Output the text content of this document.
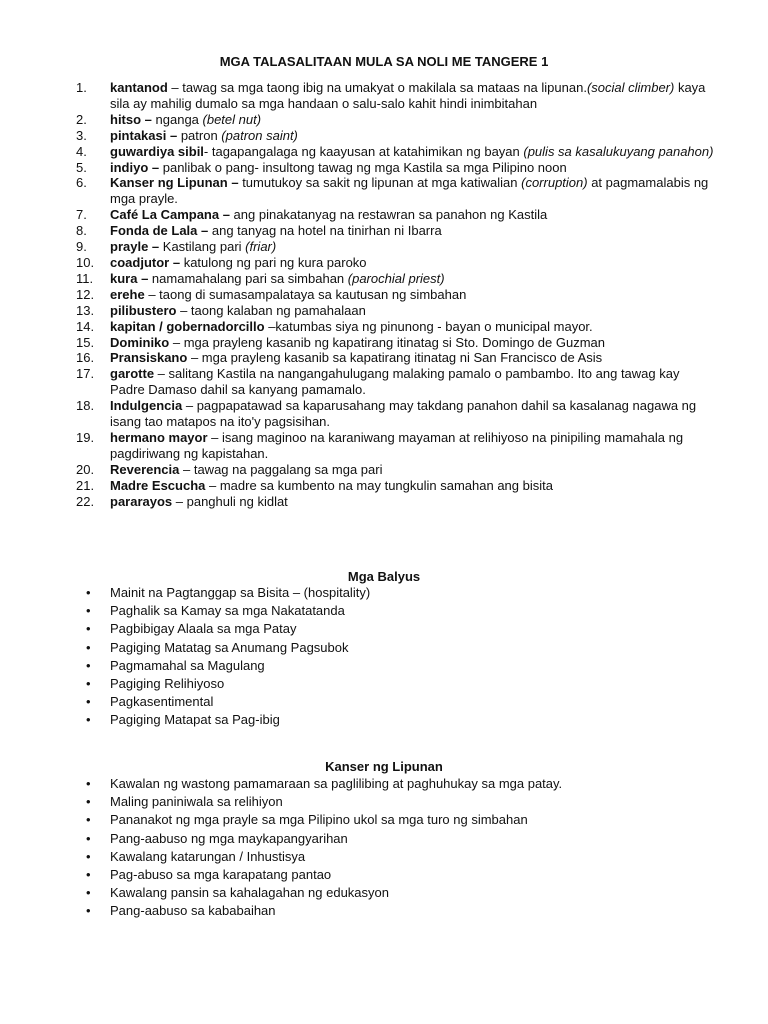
MGA TALASALITAAN MULA SA NOLI ME TANGERE 1
1.	kantanod – tawag sa mga taong ibig na umakyat o makilala sa mataas na lipunan.(social climber) kaya sila ay mahilig dumalo sa mga handaan o salu-salo kahit hindi inimbitahan
2.	hitso – nganga (betel nut)
3.	pintakasi – patron (patron saint)
4.	guwardiya sibil- tagapangalaga ng kaayusan at katahimikan ng bayan (pulis sa kasalukuyang panahon)
5.	indiyo – panlibak o pang- insultong tawag ng mga Kastila sa mga Pilipino noon
6.	Kanser ng Lipunan – tumutukoy sa sakit ng lipunan at mga katiwalian (corruption) at pagmamalabis ng mga prayle.
7.	Café La Campana – ang pinakatanyag na restawran sa panahon ng Kastila
8.	Fonda de Lala – ang tanyag na hotel na tinirhan ni Ibarra
9.	prayle – Kastilang pari (friar)
10.	coadjutor – katulong ng pari ng kura paroko
11.	kura – namamahalang pari sa simbahan (parochial priest)
12.	erehe – taong di sumasampalataya sa kautusan ng simbahan
13.	pilibustero – taong kalaban ng pamahalaan
14.	kapitan / gobernadorcillo –katumbas siya ng pinunong - bayan o municipal mayor.
15.	Dominiko – mga prayleng kasanib ng kapatirang itinatag si Sto. Domingo de Guzman
16.	Pransiskano – mga prayleng kasanib sa kapatirang itinatag ni San Francisco de Asis
17.	garotte – salitang Kastila na nangangahulugang malaking pamalo o pambambo. Ito ang tawag kay Padre Damaso dahil sa kanyang pamamalo.
18.	Indulgencia – pagpapatawad sa kaparusahang may takdang panahon dahil sa kasalanag nagawa ng isang tao matapos na ito'y pagsisihan.
19.	hermano mayor – isang maginoo na karaniwang mayaman at relihiyoso na pinipiling mamahala ng pagdiriwang ng kapistahan.
20.	Reverencia – tawag na paggalang sa mga pari
21.	Madre Escucha – madre sa kumbento na may tungkulin samahan ang bisita
22.	pararayos – panghuli ng kidlat
Mga Balyus
• Mainit na Pagtanggap sa Bisita – (hospitality)
• Paghalik sa Kamay sa mga Nakatatanda
• Pagbibigay Alaala sa mga Patay
• Pagiging Matatag sa Anumang Pagsubok
• Pagmamahal sa Magulang
• Pagiging Relihiyoso
• Pagkasentimental
• Pagiging Matapat sa Pag-ibig
Kanser ng Lipunan
• Kawalan ng wastong pamamaraan sa paglilibing at paghuhukay sa mga patay.
• Maling paniniwala sa relihiyon
• Pananakot ng mga prayle sa mga Pilipino ukol sa mga turo ng simbahan
• Pang-aabuso ng mga maykapangyarihan
• Kawalang katarungan / Inhustisya
• Pag-abuso sa mga karapatang pantao
• Kawalang pansin sa kahalagahan ng edukasyon
• Pang-aabuso sa kababaihan
